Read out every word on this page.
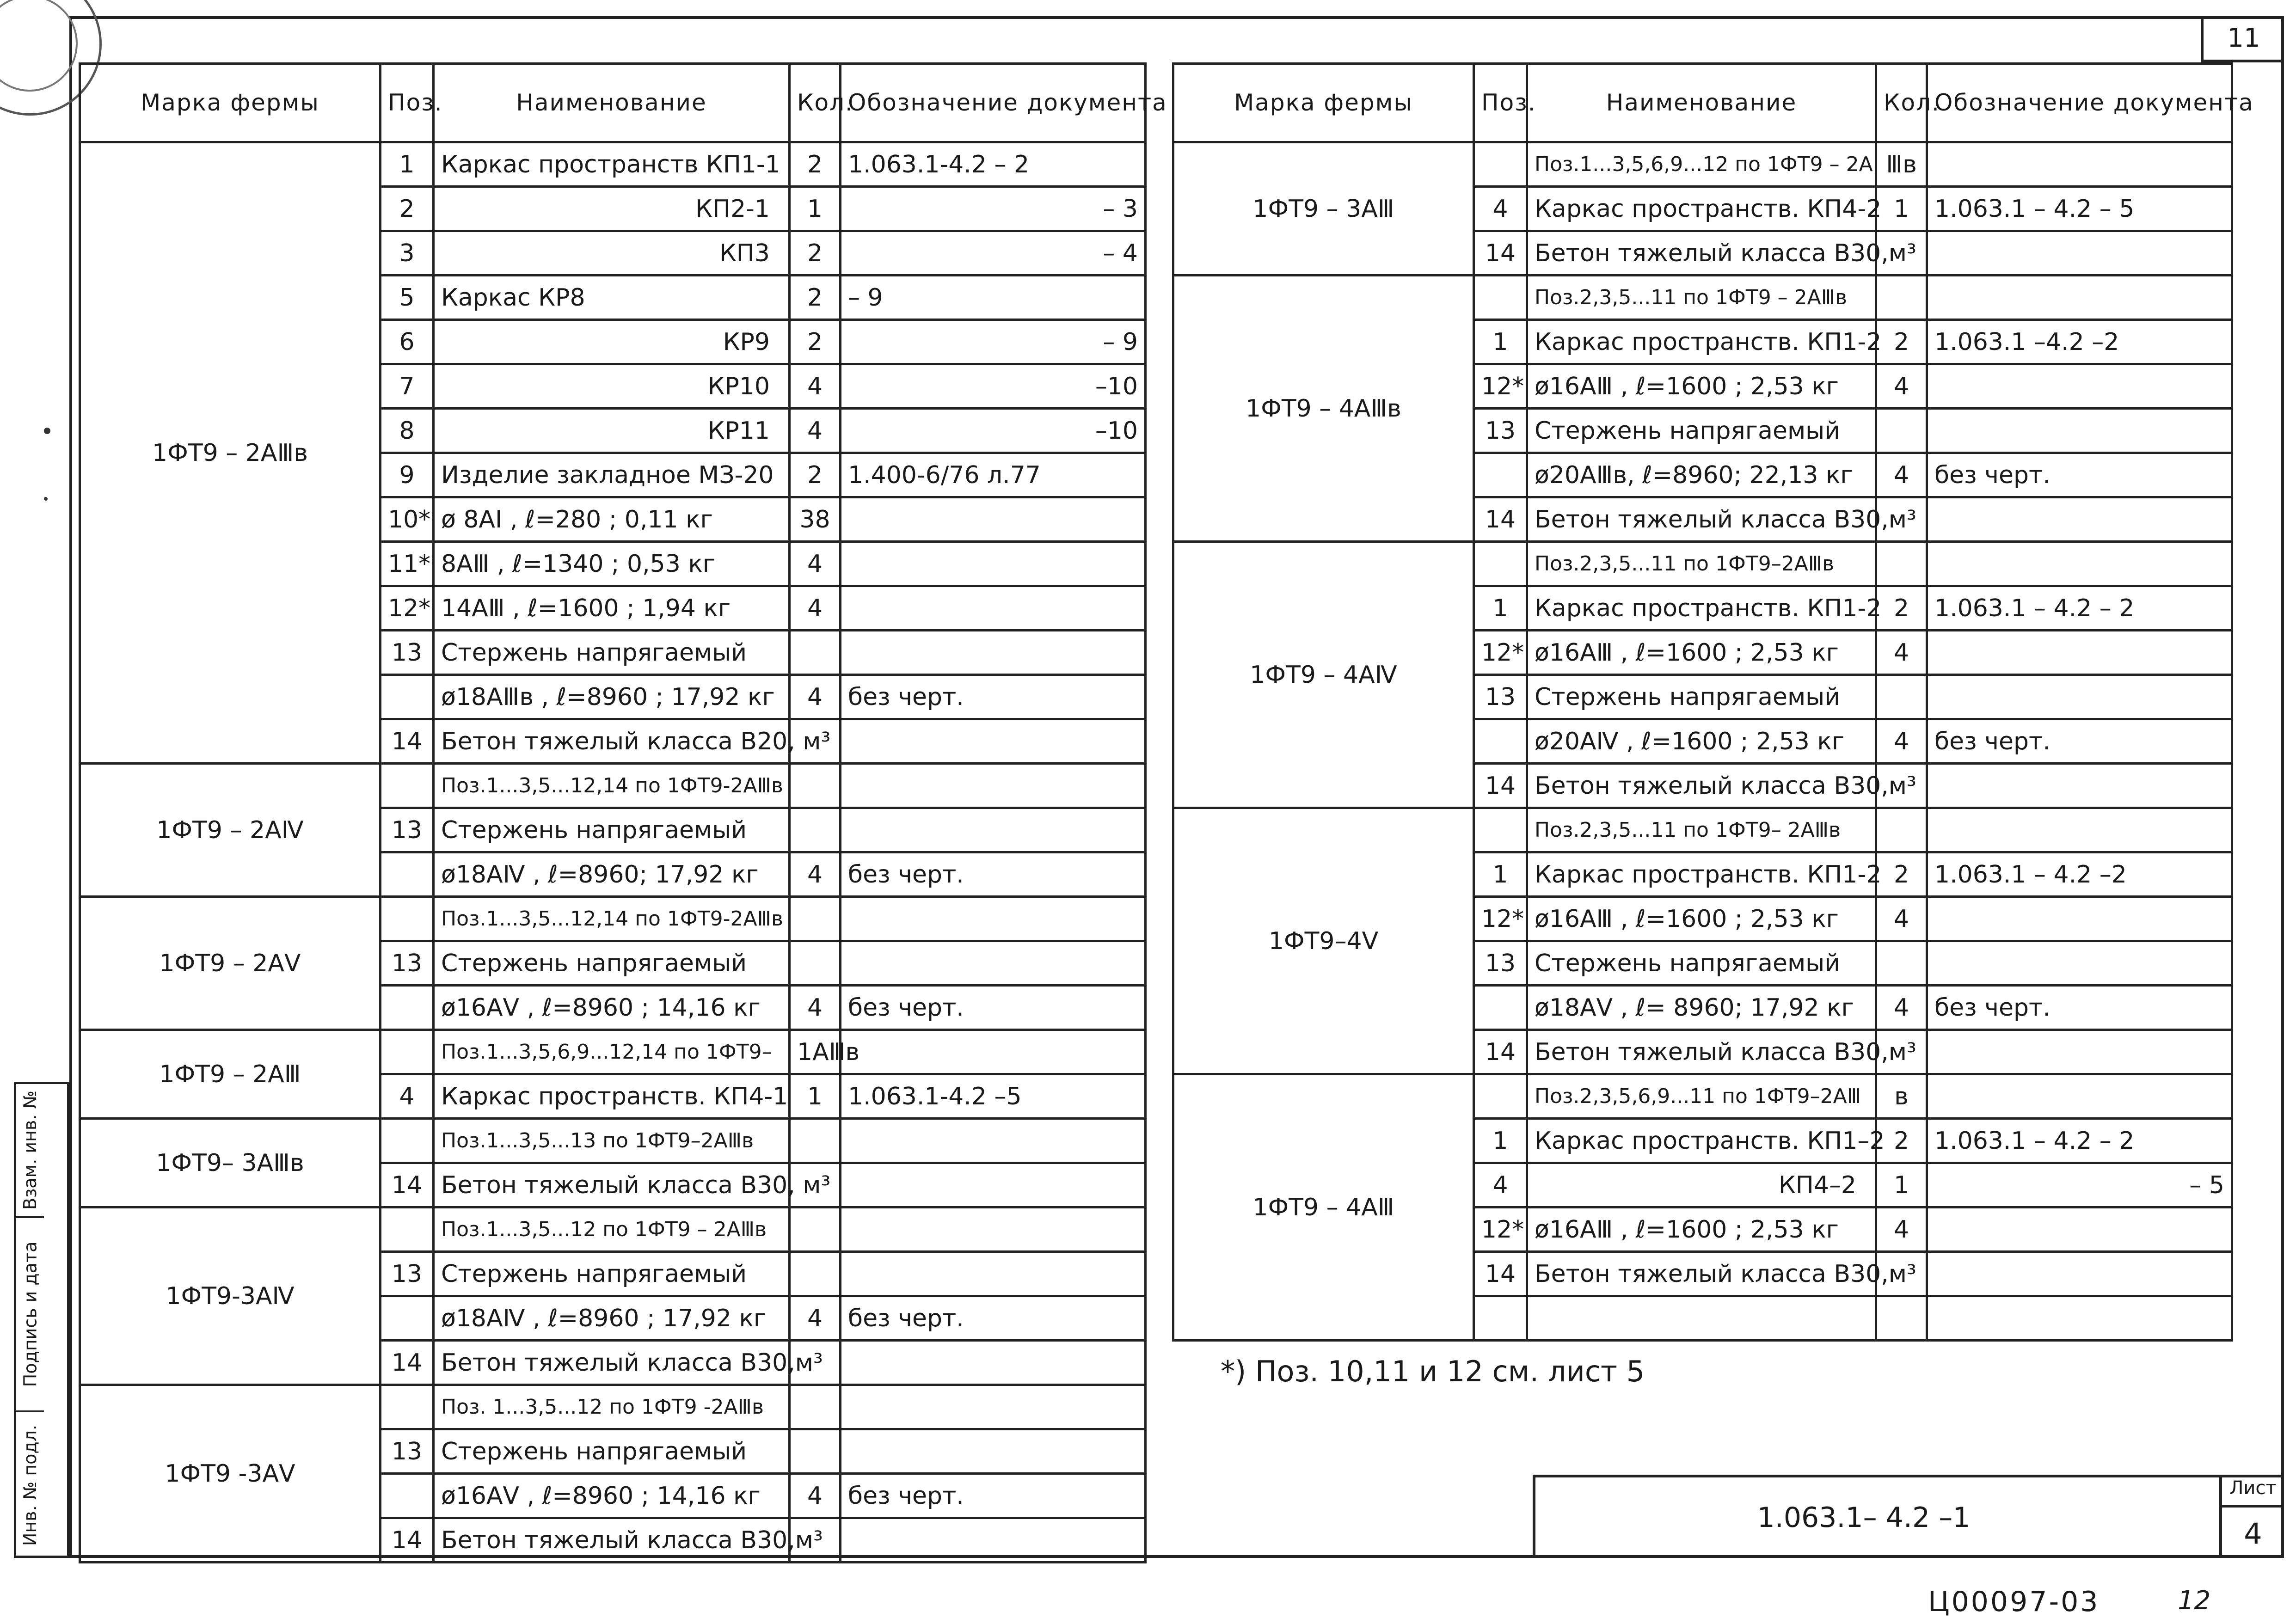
11
Марка фермы	Поз.	Наименование	Кол.	Обозначение документа
1ФТ9 – 2АⅢв	1	Каркас пространств КП1-1	2	1.063.1-4.2 – 2
	2	КП2-1	1	– 3
	3	КП3	2	– 4
	5	Каркас КР8	2	– 9
	6	КР9	2	– 9
	7	КР10	4	–10
	8	КР11	4	–10
	9	Изделие закладное МЗ-20	2	1.400-6/76 л.77
	10*	ø 8АI , ℓ=280 ; 0,11 кг	38	
	11*	8АⅢ , ℓ=1340 ; 0,53 кг	4	
	12*	14АⅢ , ℓ=1600 ; 1,94 кг	4	
	13	Стержень напрягаемый		
		ø18АⅢв , ℓ=8960 ; 17,92 кг	4	без черт.
	14	Бетон тяжелый класса В20, м³		
1ФТ9 – 2АⅣ		Поз.1...3,5...12,14 по 1ФТ9-2АⅢв		
	13	Стержень напрягаемый		
		ø18АⅣ , ℓ=8960; 17,92 кг	4	без черт.
1ФТ9 – 2АⅤ		Поз.1...3,5...12,14 по 1ФТ9-2АⅢв		
	13	Стержень напрягаемый		
		ø16АⅤ , ℓ=8960 ; 14,16 кг	4	без черт.
1ФТ9 – 2АⅢ		Поз.1...3,5,6,9...12,14 по 1ФТ9–	1АⅢв	
	4	Каркас пространств. КП4-1	1	1.063.1-4.2 –5
1ФТ9– 3АⅢв		Поз.1...3,5...13 по 1ФТ9–2АⅢв		
	14	Бетон тяжелый класса В30, м³		
1ФТ9-3АⅣ		Поз.1...3,5...12 по 1ФТ9 – 2АⅢв		
	13	Стержень напрягаемый		
		ø18АⅣ , ℓ=8960 ; 17,92 кг	4	без черт.
	14	Бетон тяжелый класса В30,м³		
1ФТ9 -3АⅤ		Поз. 1...3,5...12 по 1ФТ9 -2АⅢв		
	13	Стержень напрягаемый		
		ø16АⅤ , ℓ=8960 ; 14,16 кг	4	без черт.
	14	Бетон тяжелый класса В30,м³		
Марка фермы	Поз.	Наименование	Кол.	Обозначение документа
1ФТ9 – 3АⅢ		Поз.1...3,5,6,9...12 по 1ФТ9 – 2А	Ⅲв	
	4	Каркас пространств. КП4-2	1	1.063.1 – 4.2 – 5
	14	Бетон тяжелый класса В30,м³		
1ФТ9 – 4АⅢв		Поз.2,3,5...11 по 1ФТ9 – 2АⅢв		
	1	Каркас пространств. КП1-2	2	1.063.1 –4.2 –2
	12*	ø16АⅢ , ℓ=1600 ; 2,53 кг	4	
	13	Стержень напрягаемый		
		ø20АⅢв, ℓ=8960; 22,13 кг	4	без черт.
	14	Бетон тяжелый класса В30,м³		
1ФТ9 – 4АⅣ		Поз.2,3,5...11 по 1ФТ9–2АⅢв		
	1	Каркас пространств. КП1-2	2	1.063.1 – 4.2 – 2
	12*	ø16АⅢ , ℓ=1600 ; 2,53 кг	4	
	13	Стержень напрягаемый		
		ø20АⅣ , ℓ=1600 ; 2,53 кг	4	без черт.
	14	Бетон тяжелый класса В30,м³		
1ФТ9–4Ⅴ		Поз.2,3,5...11 по 1ФТ9– 2АⅢв		
	1	Каркас пространств. КП1-2	2	1.063.1 – 4.2 –2
	12*	ø16АⅢ , ℓ=1600 ; 2,53 кг	4	
	13	Стержень напрягаемый		
		ø18АⅤ , ℓ= 8960; 17,92 кг	4	без черт.
	14	Бетон тяжелый класса В30,м³		
1ФТ9 – 4АⅢ		Поз.2,3,5,6,9...11 по 1ФТ9–2АⅢ	в	
	1	Каркас пространств. КП1–2	2	1.063.1 – 4.2 – 2
	4	КП4–2	1	– 5
	12*	ø16АⅢ , ℓ=1600 ; 2,53 кг	4	
	14	Бетон тяжелый класса В30,м³		

*) Поз. 10,11 и 12 см. лист 5
1.063.1– 4.2 –1
Лист
4
Взам. инв. №
Подпись и дата
Инв. № подл.
Ц00097-03	12
